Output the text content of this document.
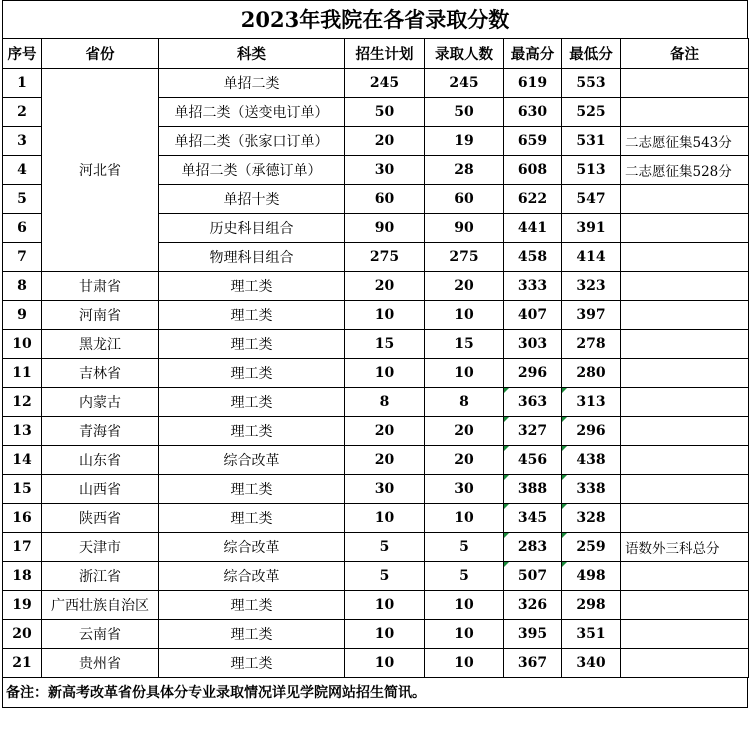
2023年我院在各省录取分数
序号	省份	科类	招生计划	录取人数	最高分	最低分	备注
1	河北省	单招二类	245	245	619	553	
2		单招二类（送变电订单）	50	50	630	525	
3		单招二类（张家口订单）	20	19	659	531	二志愿征集543分
4		单招二类（承德订单）	30	28	608	513	二志愿征集528分
5		单招十类	60	60	622	547	
6		历史科目组合	90	90	441	391	
7		物理科目组合	275	275	458	414	
8	甘肃省	理工类	20	20	333	323	
9	河南省	理工类	10	10	407	397	
10	黑龙江	理工类	15	15	303	278	
11	吉林省	理工类	10	10	296	280	
12	内蒙古	理工类	8	8	363	313	
13	青海省	理工类	20	20	327	296	
14	山东省	综合改革	20	20	456	438	
15	山西省	理工类	30	30	388	338	
16	陕西省	理工类	10	10	345	328	
17	天津市	综合改革	5	5	283	259	语数外三科总分
18	浙江省	综合改革	5	5	507	498	
19	广西壮族自治区	理工类	10	10	326	298	
20	云南省	理工类	10	10	395	351	
21	贵州省	理工类	10	10	367	340	
备注：新高考改革省份具体分专业录取情况详见学院网站招生简讯。
